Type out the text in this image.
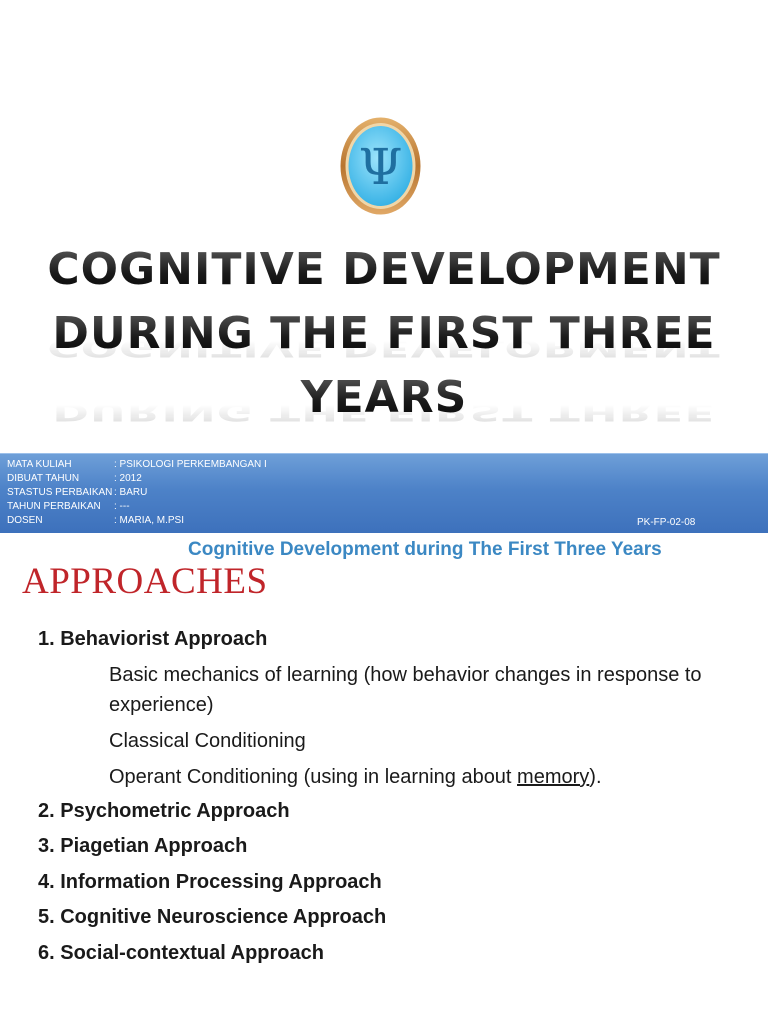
Ψ
COGNITIVE DEVELOPMENT
DURING THE FIRST THREE
YEARS
MATA KULIAH	: PSIKOLOGI PERKEMBANGAN I
DIBUAT TAHUN	: 2012
STASTUS PERBAIKAN : BARU
TAHUN PERBAIKAN : ---
DOSEN	: MARIA, M.PSI	PK-FP-02-08
Cognitive Development during The First Three Years
APPROACHES
1. Behaviorist Approach
Basic mechanics of learning (how behavior changes in response to experience)
Classical Conditioning
Operant Conditioning (using in learning about memory).
2. Psychometric Approach
3. Piagetian Approach
4. Information Processing Approach
5. Cognitive Neuroscience Approach
6. Social-contextual Approach
